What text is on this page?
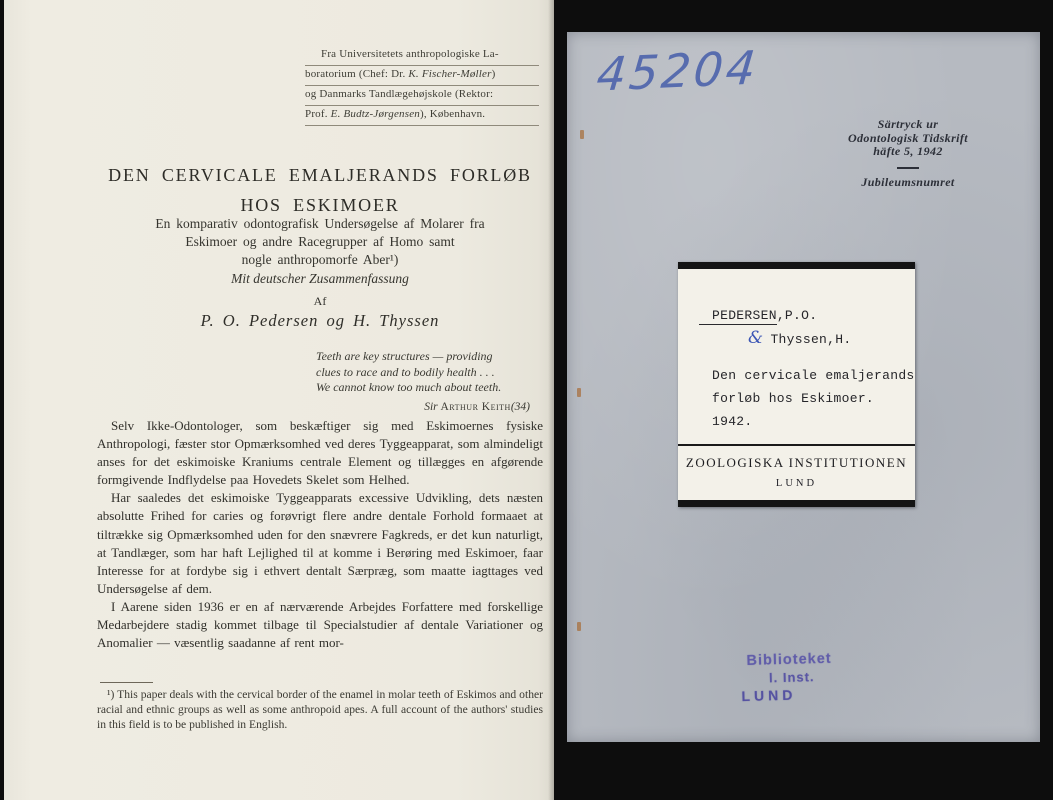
Fra Universitetets anthropologiske La-
boratorium (Chef: Dr. K. Fischer-Møller)
og Danmarks Tandlægehøjskole (Rektor:
Prof. E. Budtz-Jørgensen), København.
DEN CERVICALE EMALJERANDS FORLØB
HOS ESKIMOER
En komparativ odontografisk Undersøgelse af Molarer fra
Eskimoer og andre Racegrupper af Homo samt
nogle anthropomorfe Aber¹)
Mit deutscher Zusammenfassung
Af
P. O. Pedersen og H. Thyssen
Teeth are key structures — providing
clues to race and to bodily health . . .
We cannot know too much about teeth.
Sir Arthur Keith(34)

Selv Ikke-Odontologer, som beskæftiger sig med Eskimoernes fysiske Anthropologi, fæster stor Opmærksomhed ved deres Tyggeapparat, som almindeligt anses for det eskimoiske Kraniums centrale Element og tillægges en afgørende formgivende Indflydelse paa Hovedets Skelet som Helhed.

Har saaledes det eskimoiske Tyggeapparats excessive Udvikling, dets næsten absolutte Frihed for caries og forøvrigt flere andre dentale Forhold formaaet at tiltrække sig Opmærksomhed uden for den snævrere Fagkreds, er det kun naturligt, at Tandlæger, som har haft Lejlighed til at komme i Berøring med Eskimoer, faar Interesse for at fordybe sig i ethvert dentalt Særpræg, som maatte iagttages ved Undersøgelse af dem.

I Aarene siden 1936 er en af nærværende Arbejdes Forfattere med forskellige Medarbejdere stadig kommet tilbage til Specialstudier af dentale Variationer og Anomalier — væsentlig saadanne af rent mor-

¹) This paper deals with the cervical border of the enamel in molar teeth of Eskimos and other racial and ethnic groups as well as some anthropoid apes. A full account of the authors' studies in this field is to be published in English.

45204
Särtryck ur
Odontologisk Tidskrift
häfte 5, 1942
Jubileumsnumret
PEDERSEN,P.O.
& Thyssen,H.
Den cervicale emaljerands
forløb hos Eskimoer.
1942.
ZOOLOGISKA INSTITUTIONEN
LUND
Biblioteket
l. Inst.
LUND
